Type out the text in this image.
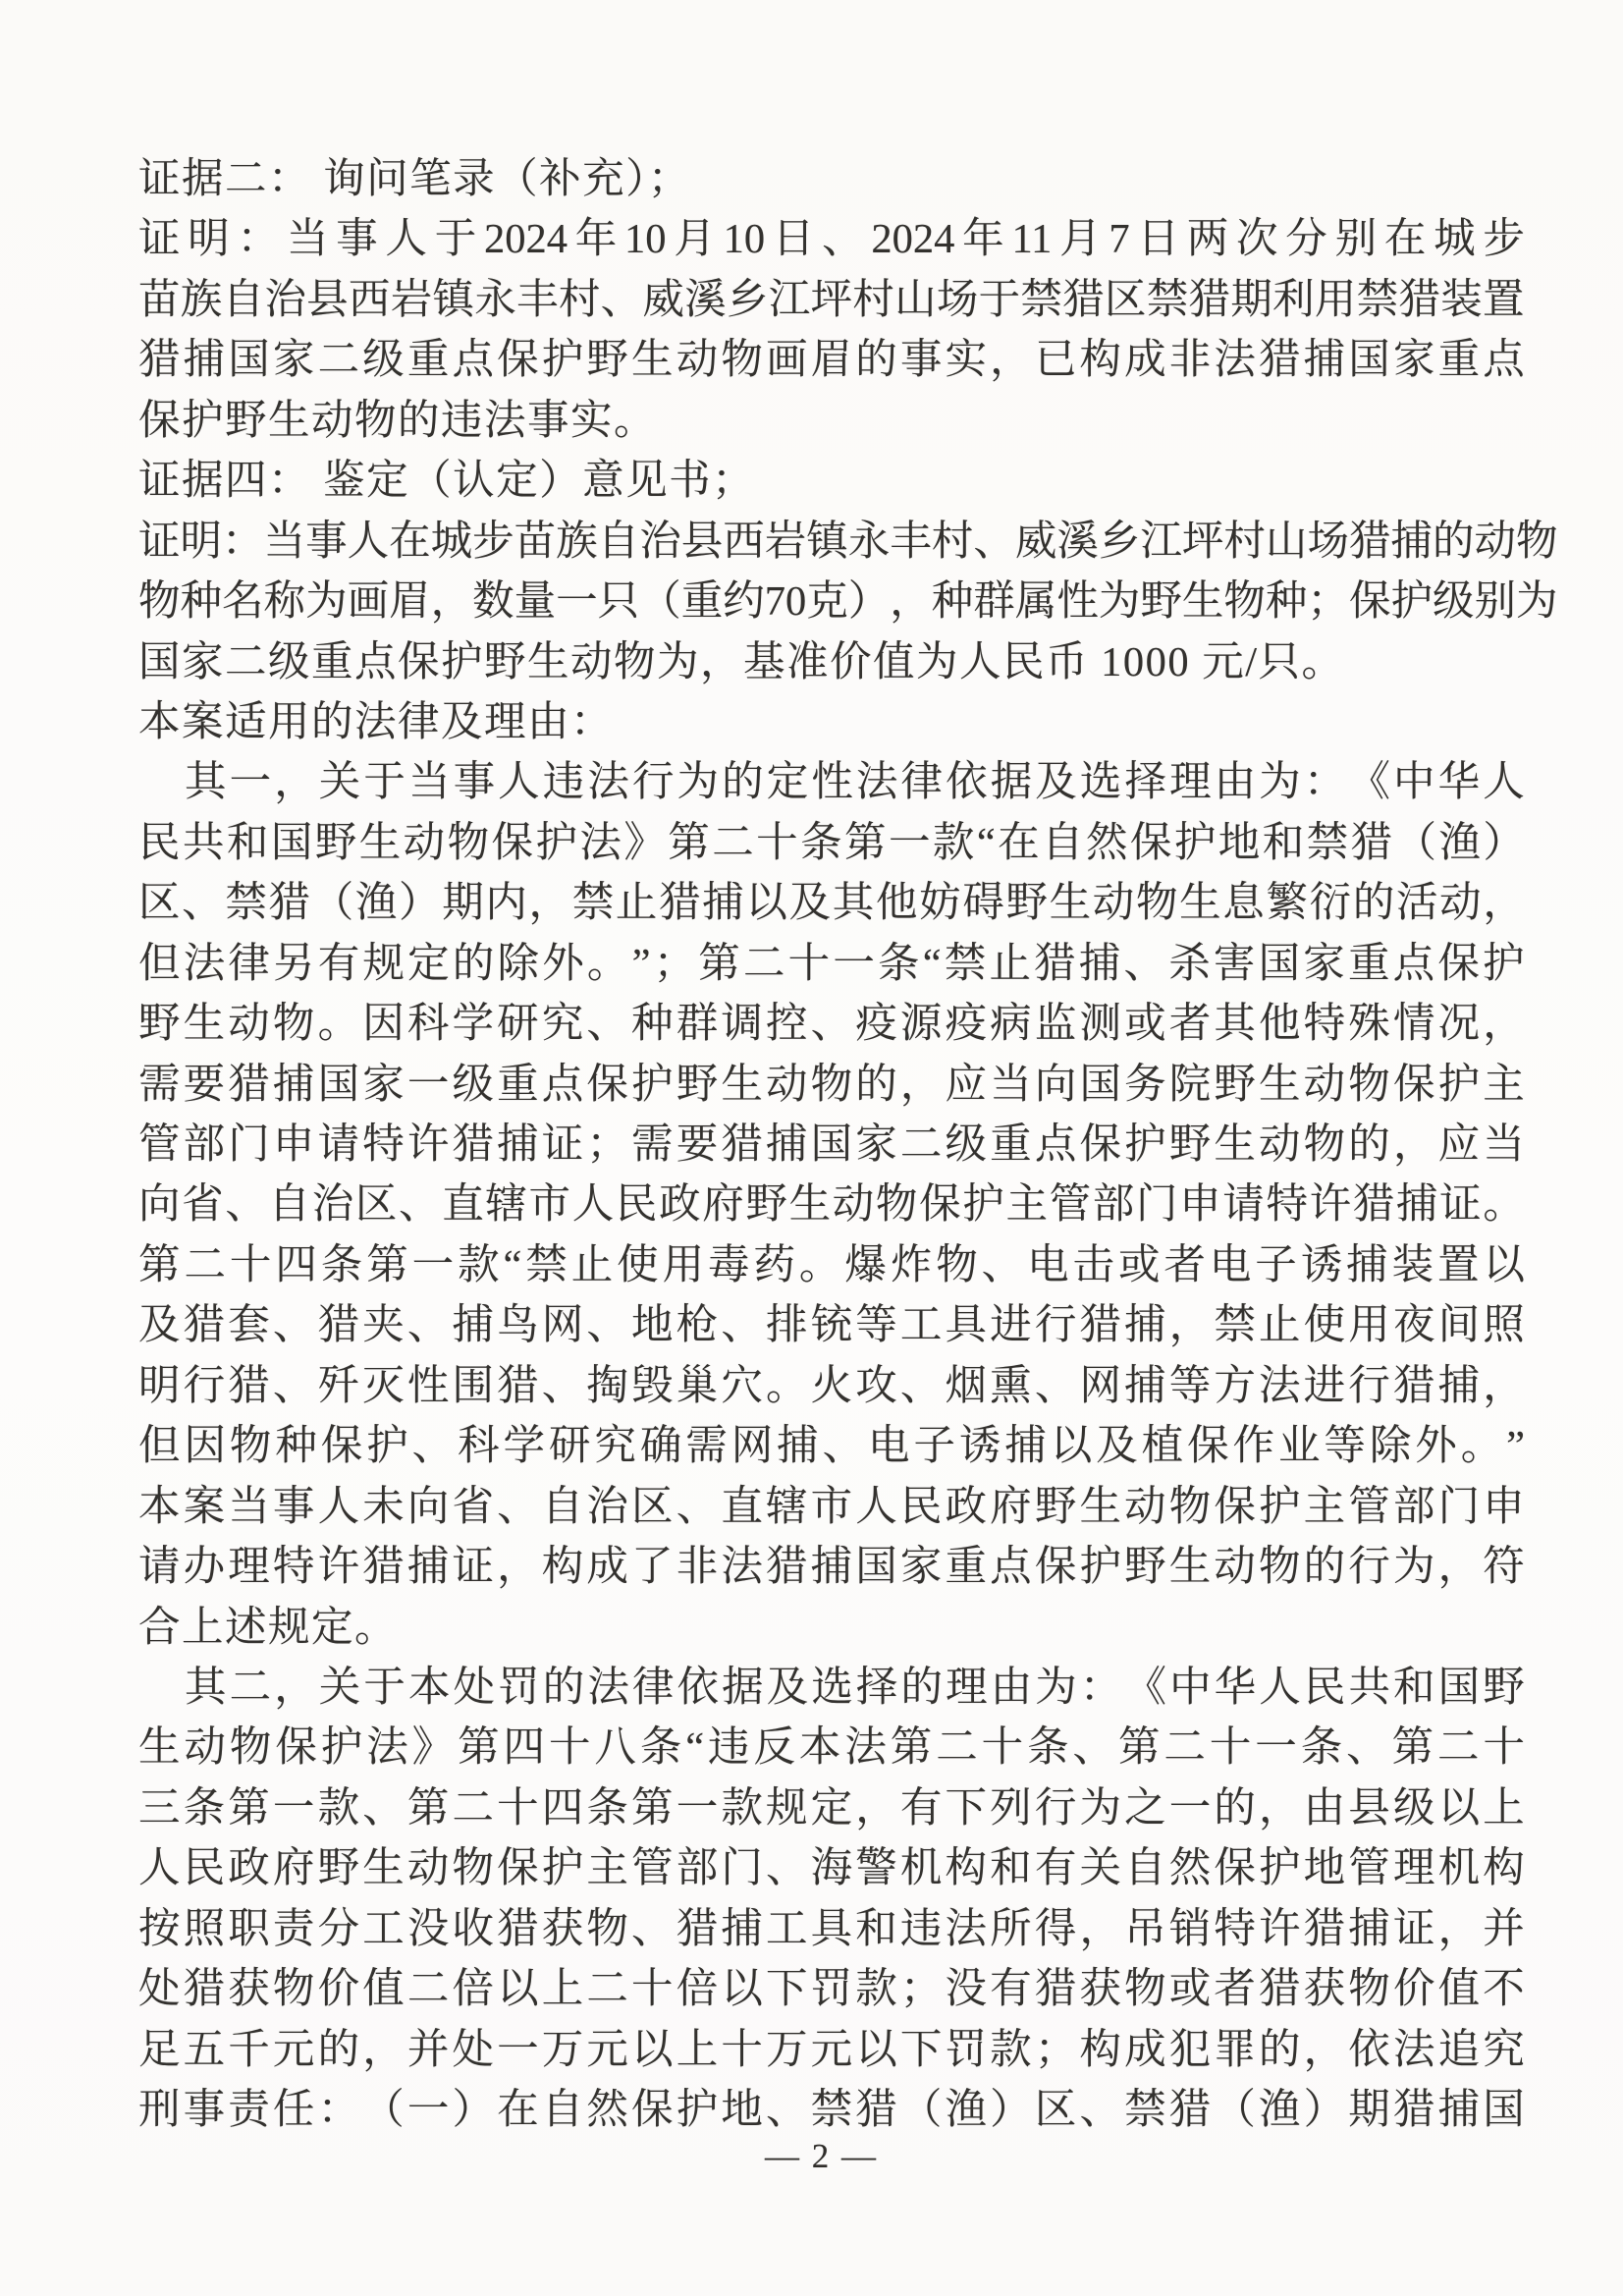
证据二： 询问笔录（补充）；
证 明 ： 当 事 人 于 2024 年 10 月 10 日 、 2024 年 11 月 7 日 两 次 分 别 在 城 步
苗 族 自 治 县 西 岩 镇 永 丰 村 、 威 溪 乡 江 坪 村 山 场 于 禁 猎 区 禁 猎 期 利 用 禁 猎 装 置
猎 捕 国 家 二 级 重 点 保 护 野 生 动 物 画 眉 的 事 实 ， 已 构 成 非 法 猎 捕 国 家 重 点
保护野生动物的违法事实。
证据四： 鉴定（认定）意见书；
证 明 ： 当 事 人 在 城 步 苗 族 自 治 县 西 岩 镇 永 丰 村 、 威 溪 乡 江 坪 村 山 场 猎 捕 的 动 物
物 种 名 称 为 画 眉 ， 数 量 一 只 （ 重 约 70 克 ） ， 种 群 属 性 为 野 生 物 种 ； 保 护 级 别 为
国家二级重点保护野生动物为，基准价值为人民币 1000 元/只。
本案适用的法律及理由：
其 一 ， 关 于 当 事 人 违 法 行 为 的 定 性 法 律 依 据 及 选 择 理 由 为 ： 《 中 华 人
民 共 和 国 野 生 动 物 保 护 法 》 第 二 十 条 第 一 款 “ 在 自 然 保 护 地 和 禁 猎 （ 渔 ）
区 、 禁 猎 （ 渔 ） 期 内 ， 禁 止 猎 捕 以 及 其 他 妨 碍 野 生 动 物 生 息 繁 衍 的 活 动 ，
但 法 律 另 有 规 定 的 除 外 。 ” ； 第 二 十 一 条 “ 禁 止 猎 捕 、 杀 害 国 家 重 点 保 护
野 生 动 物 。 因 科 学 研 究 、 种 群 调 控 、 疫 源 疫 病 监 测 或 者 其 他 特 殊 情 况 ，
需 要 猎 捕 国 家 一 级 重 点 保 护 野 生 动 物 的 ， 应 当 向 国 务 院 野 生 动 物 保 护 主
管 部 门 申 请 特 许 猎 捕 证 ； 需 要 猎 捕 国 家 二 级 重 点 保 护 野 生 动 物 的 ， 应 当
向 省 、 自 治 区 、 直 辖 市 人 民 政 府 野 生 动 物 保 护 主 管 部 门 申 请 特 许 猎 捕 证 。
第 二 十 四 条 第 一 款 “ 禁 止 使 用 毒 药 。 爆 炸 物 、 电 击 或 者 电 子 诱 捕 装 置 以
及 猎 套 、 猎 夹 、 捕 鸟 网 、 地 枪 、 排 铳 等 工 具 进 行 猎 捕 ， 禁 止 使 用 夜 间 照
明 行 猎 、 歼 灭 性 围 猎 、 掏 毁 巢 穴 。 火 攻 、 烟 熏 、 网 捕 等 方 法 进 行 猎 捕 ，
但 因 物 种 保 护 、 科 学 研 究 确 需 网 捕 、 电 子 诱 捕 以 及 植 保 作 业 等 除 外 。 ”
本 案 当 事 人 未 向 省 、 自 治 区 、 直 辖 市 人 民 政 府 野 生 动 物 保 护 主 管 部 门 申
请 办 理 特 许 猎 捕 证 ， 构 成 了 非 法 猎 捕 国 家 重 点 保 护 野 生 动 物 的 行 为 ， 符
合上述规定。
其 二 ， 关 于 本 处 罚 的 法 律 依 据 及 选 择 的 理 由 为 ： 《 中 华 人 民 共 和 国 野
生 动 物 保 护 法 》 第 四 十 八 条 “ 违 反 本 法 第 二 十 条 、 第 二 十 一 条 、 第 二 十
三 条 第 一 款 、 第 二 十 四 条 第 一 款 规 定 ， 有 下 列 行 为 之 一 的 ， 由 县 级 以 上
人 民 政 府 野 生 动 物 保 护 主 管 部 门 、 海 警 机 构 和 有 关 自 然 保 护 地 管 理 机 构
按 照 职 责 分 工 没 收 猎 获 物 、 猎 捕 工 具 和 违 法 所 得 ， 吊 销 特 许 猎 捕 证 ， 并
处 猎 获 物 价 值 二 倍 以 上 二 十 倍 以 下 罚 款 ； 没 有 猎 获 物 或 者 猎 获 物 价 值 不
足 五 千 元 的 ， 并 处 一 万 元 以 上 十 万 元 以 下 罚 款 ； 构 成 犯 罪 的 ， 依 法 追 究
刑 事 责 任 ： （ 一 ） 在 自 然 保 护 地 、 禁 猎 （ 渔 ） 区 、 禁 猎 （ 渔 ） 期 猎 捕 国
— 2 —
